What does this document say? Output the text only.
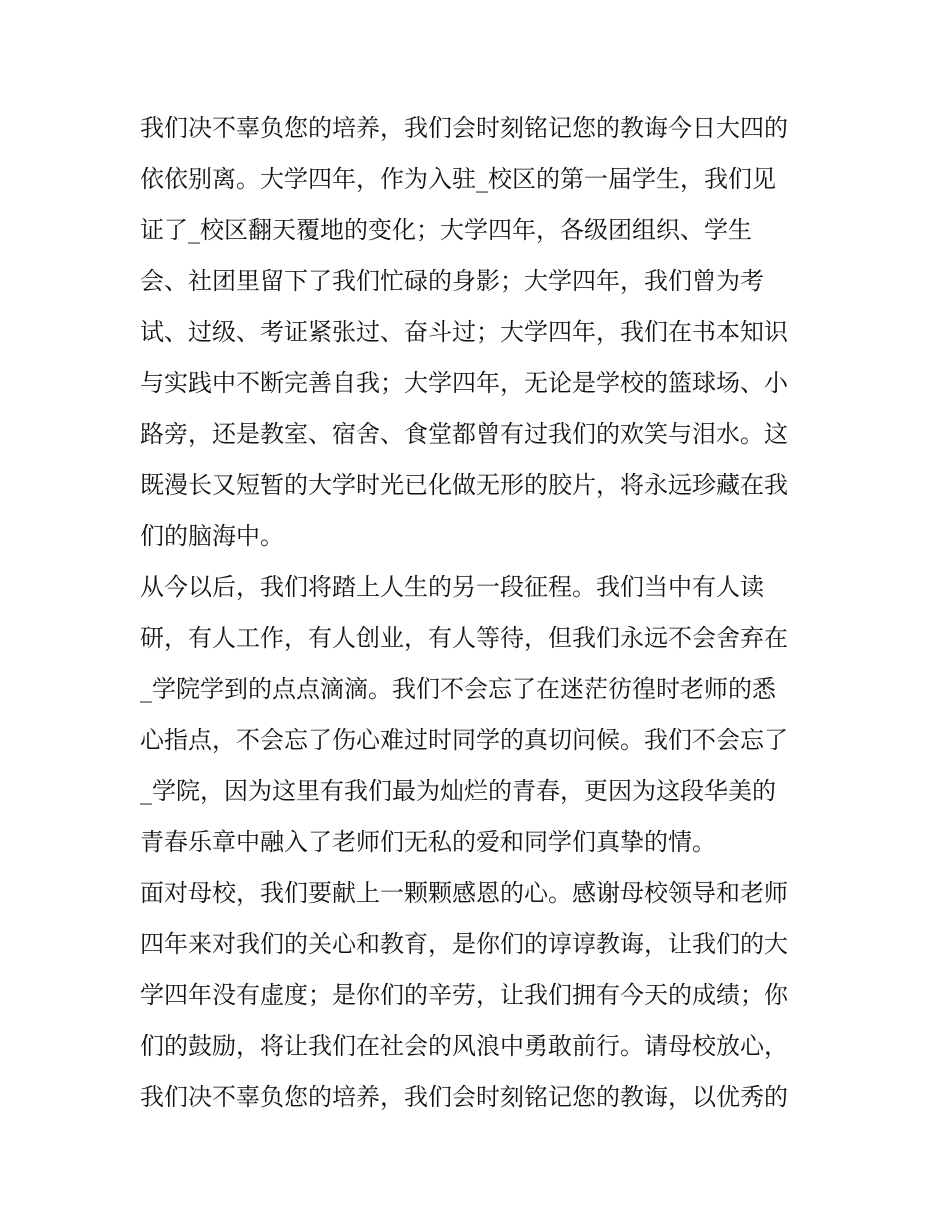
我们决不辜负您的培养，我们会时刻铭记您的教诲今日大四的
依依别离。大学四年，作为入驻_校区的第一届学生，我们见
证了_校区翻天覆地的变化；大学四年，各级团组织、学生
会、社团里留下了我们忙碌的身影；大学四年，我们曾为考
试、过级、考证紧张过、奋斗过；大学四年，我们在书本知识
与实践中不断完善自我；大学四年，无论是学校的篮球场、小
路旁，还是教室、宿舍、食堂都曾有过我们的欢笑与泪水。这
既漫长又短暂的大学时光已化做无形的胶片，将永远珍藏在我
们的脑海中。
从今以后，我们将踏上人生的另一段征程。我们当中有人读
研，有人工作，有人创业，有人等待，但我们永远不会舍弃在
_学院学到的点点滴滴。我们不会忘了在迷茫彷徨时老师的悉
心指点，不会忘了伤心难过时同学的真切问候。我们不会忘了
_学院，因为这里有我们最为灿烂的青春，更因为这段华美的
青春乐章中融入了老师们无私的爱和同学们真挚的情。
面对母校，我们要献上一颗颗感恩的心。感谢母校领导和老师
四年来对我们的关心和教育，是你们的谆谆教诲，让我们的大
学四年没有虚度；是你们的辛劳，让我们拥有今天的成绩；你
们的鼓励，将让我们在社会的风浪中勇敢前行。请母校放心，
我们决不辜负您的培养，我们会时刻铭记您的教诲，以优秀的
